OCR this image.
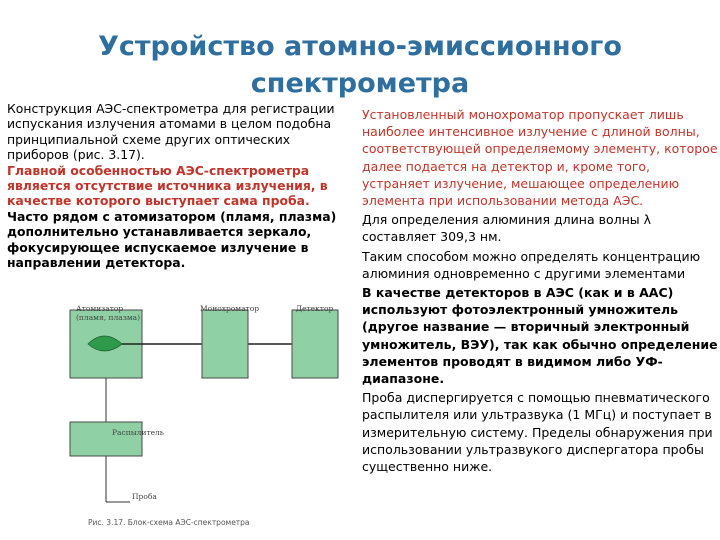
Устройство атомно-эмиссионного
спектрометра

Конструкция АЭС-спектрометра для регистрации испускания излучения атомами в целом подобна принципиальной схеме других оптических приборов (рис. 3.17).

Главной особенностью АЭС-спектрометра является отсутствие источника излучения, в качестве которого выступает сама проба.

Часто рядом с атомизатором (пламя, плазма) дополнительно устанавливается зеркало, фокусирующее испускаемое излучение в направлении детектора.

Атомизатор (пламя, плазма)
Монохроматор	Детектор
Распылитель
Проба
Рис. 3.17. Блок-схема АЭС-спектрометра

Установленный монохроматор пропускает лишь наиболее интенсивное излучение с длиной волны, соответствующей определяемому элементу, которое далее подается на детектор и, кроме того, устраняет излучение, мешающее определению элемента при использовании метода АЭС.

Для определения алюминия длина волны λ составляет 309,3 нм.

Таким способом можно определять концентрацию алюминия одновременно с другими элементами

В качестве детекторов в АЭС (как и в ААС) используют фотоэлектронный умножитель (другое название — вторичный электронный умножитель, ВЭУ), так как обычно определение элементов проводят в видимом либо УФ-диапазоне.

Проба диспергируется с помощью пневматического распылителя или ультразвука (1 МГц) и поступает в измерительную систему. Пределы обнаружения при использовании ультразвукого диспергатора пробы существенно ниже.
